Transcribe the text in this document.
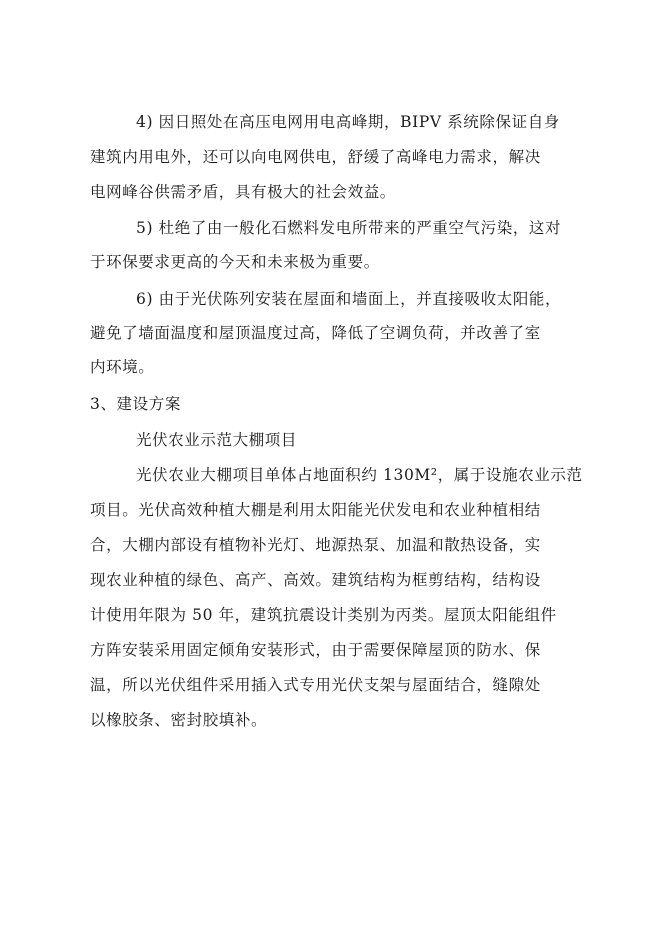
4) 因日照处在高压电网用电高峰期，BIPV 系统除保证自身
建筑内用电外，还可以向电网供电，舒缓了高峰电力需求，解决
电网峰谷供需矛盾，具有极大的社会效益。
5) 杜绝了由一般化石燃料发电所带来的严重空气污染，这对
于环保要求更高的今天和未来极为重要。
6) 由于光伏陈列安装在屋面和墙面上，并直接吸收太阳能，
避免了墙面温度和屋顶温度过高，降低了空调负荷，并改善了室
内环境。
3、建设方案
光伏农业示范大棚项目
光伏农业大棚项目单体占地面积约 130M²，属于设施农业示范
项目。光伏高效种植大棚是利用太阳能光伏发电和农业种植相结
合，大棚内部设有植物补光灯、地源热泵、加温和散热设备，实
现农业种植的绿色、高产、高效。建筑结构为框剪结构，结构设
计使用年限为 50 年，建筑抗震设计类别为丙类。屋顶太阳能组件
方阵安装采用固定倾角安装形式，由于需要保障屋顶的防水、保
温，所以光伏组件采用插入式专用光伏支架与屋面结合，缝隙处
以橡胶条、密封胶填补。
